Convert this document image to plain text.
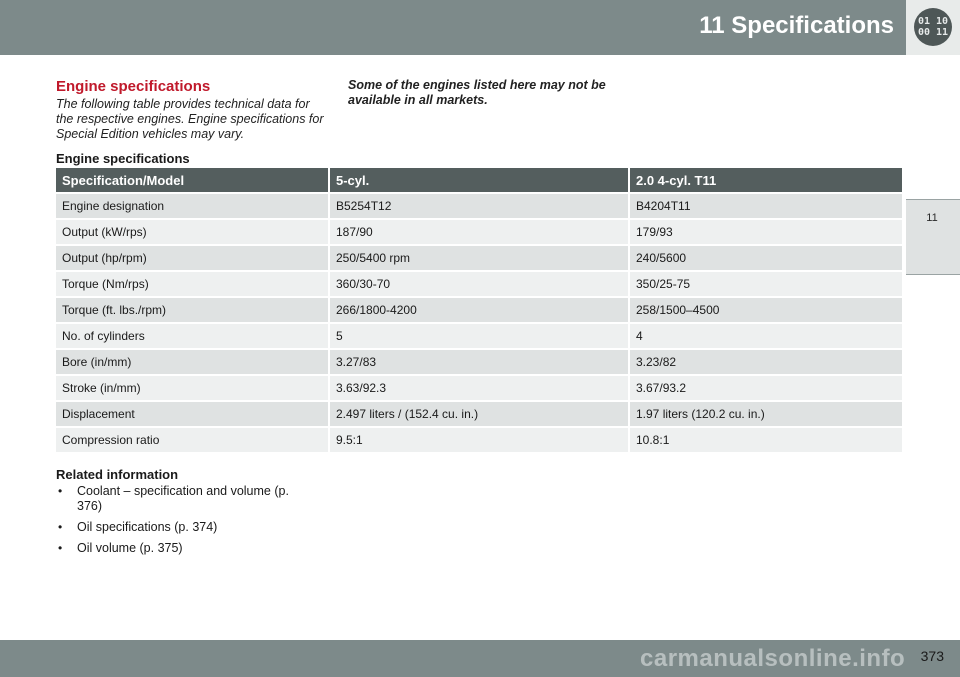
11 Specifications 01 10
00 11
11
Engine specifications
The following table provides technical data for the respective engines. Engine specifications for Special Edition vehicles may vary.
Some of the engines listed here may not be available in all markets.
Engine specifications
Specification/Model	5-cyl.	2.0 4-cyl. T11
Engine designation	B5254T12	B4204T11
Output (kW/rps)	187/90	179/93
Output (hp/rpm)	250/5400 rpm	240/5600
Torque (Nm/rps)	360/30-70	350/25-75
Torque (ft. lbs./rpm)	266/1800-4200	258/1500–4500
No. of cylinders	5	4
Bore (in/mm)	3.27/83	3.23/82
Stroke (in/mm)	3.63/92.3	3.67/93.2
Displacement	2.497 liters / (152.4 cu. in.)	1.97 liters (120.2 cu. in.)
Compression ratio	9.5:1	10.8:1
Related information
• Coolant – specification and volume (p. 376)
• Oil specifications (p. 374)
• Oil volume (p. 375)
carmanualsonline.info 373
